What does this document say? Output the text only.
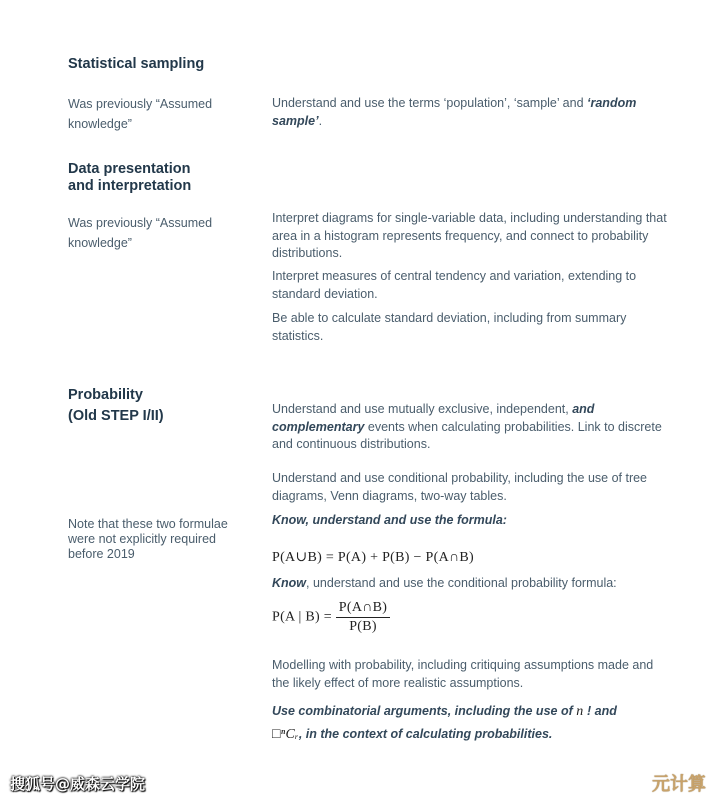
Statistical sampling
Was previously “Assumed knowledge”
Understand and use the terms ‘population’, ‘sample’ and ‘random sample’.
Data presentation
and interpretation
Was previously “Assumed knowledge”
Interpret diagrams for single-variable data, including understanding that area in a histogram represents frequency, and connect to probability distributions.
Interpret measures of central tendency and variation, extending to standard deviation.
Be able to calculate standard deviation, including from summary statistics.
Probability
(Old STEP I/II)	Understand and use mutually exclusive, independent, and complementary events when calculating probabilities. Link to discrete and continuous distributions.
Understand and use conditional probability, including the use of tree diagrams, Venn diagrams, two-way tables.
Note that these two formulae were not explicitly required before 2019
Know, understand and use the formula:
P(A∪B) = P(A) + P(B) − P(A∩B)
Know, understand and use the conditional probability formula:
P(A | $B) = \frac{P(A\cap B)}{P(B)}$
Modelling with probability, including critiquing assumptions made and the likely effect of more realistic assumptions.
Use combinatorial arguments, including the use of n ! and
□ⁿCᵣ, in the context of calculating probabilities.
搜狐号@威森云学院	元计算
